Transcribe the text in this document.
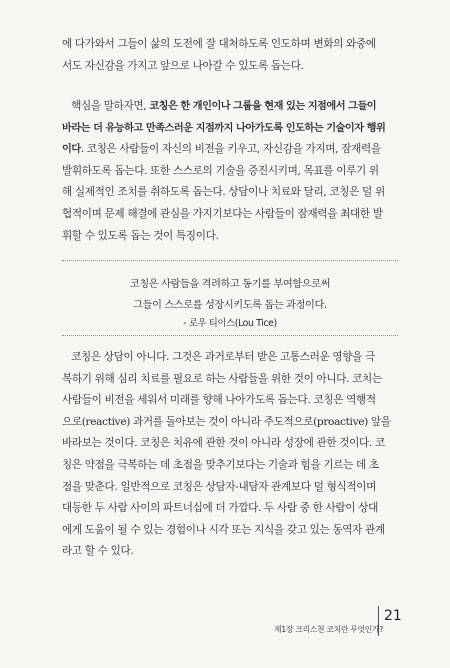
에 다가와서 그들이 삶의 도전에 잘 대처하도록 인도하며 변화의 와중에
서도 자신감을 가지고 앞으로 나아갈 수 있도록 돕는다.
핵심을 말하자면, 코칭은 한 개인이나 그룹을 현재 있는 지점에서 그들이
바라는 더 유능하고 만족스러운 지점까지 나아가도록 인도하는 기술이자 행위
이다. 코칭은 사람들이 자신의 비전을 키우고, 자신감을 가지며, 잠재력을
발휘하도록 돕는다. 또한 스스로의 기술을 증진시키며, 목표를 이루기 위
해 실제적인 조치를 취하도록 돕는다. 상담이나 치료와 달리, 코칭은 덜 위
협적이며 문제 해결에 관심을 가지기보다는 사람들이 잠재력을 최대한 발
휘할 수 있도록 돕는 것이 특징이다.
코칭은 사람들을 격려하고 동기를 부여함으로써
그들이 스스로를 성장시키도록 돕는 과정이다.
- 로우 티이스(Lou Tice)
코칭은 상담이 아니다. 그것은 과거로부터 받은 고통스러운 영향을 극
복하기 위해 심리 치료를 필요로 하는 사람들을 위한 것이 아니다. 코치는
사람들이 비전을 세워서 미래를 향해 나아가도록 돕는다. 코칭은 역행적
으로(reactive) 과거를 돌아보는 것이 아니라 주도적으로(proactive) 앞을
바라보는 것이다. 코칭은 치유에 관한 것이 아니라 성장에 관한 것이다. 코
칭은 약점을 극복하는 데 초점을 맞추기보다는 기술과 힘을 기르는 데 초
점을 맞춘다. 일반적으로 코칭은 상담자-내담자 관계보다 덜 형식적이며
대등한 두 사람 사이의 파트너십에 더 가깝다. 두 사람 중 한 사람이 상대
에게 도움이 될 수 있는 경험이나 시각 또는 지식을 갖고 있는 동역자 관계
라고 할 수 있다.
제1장 크리스천 코치란 무엇인가?
21
